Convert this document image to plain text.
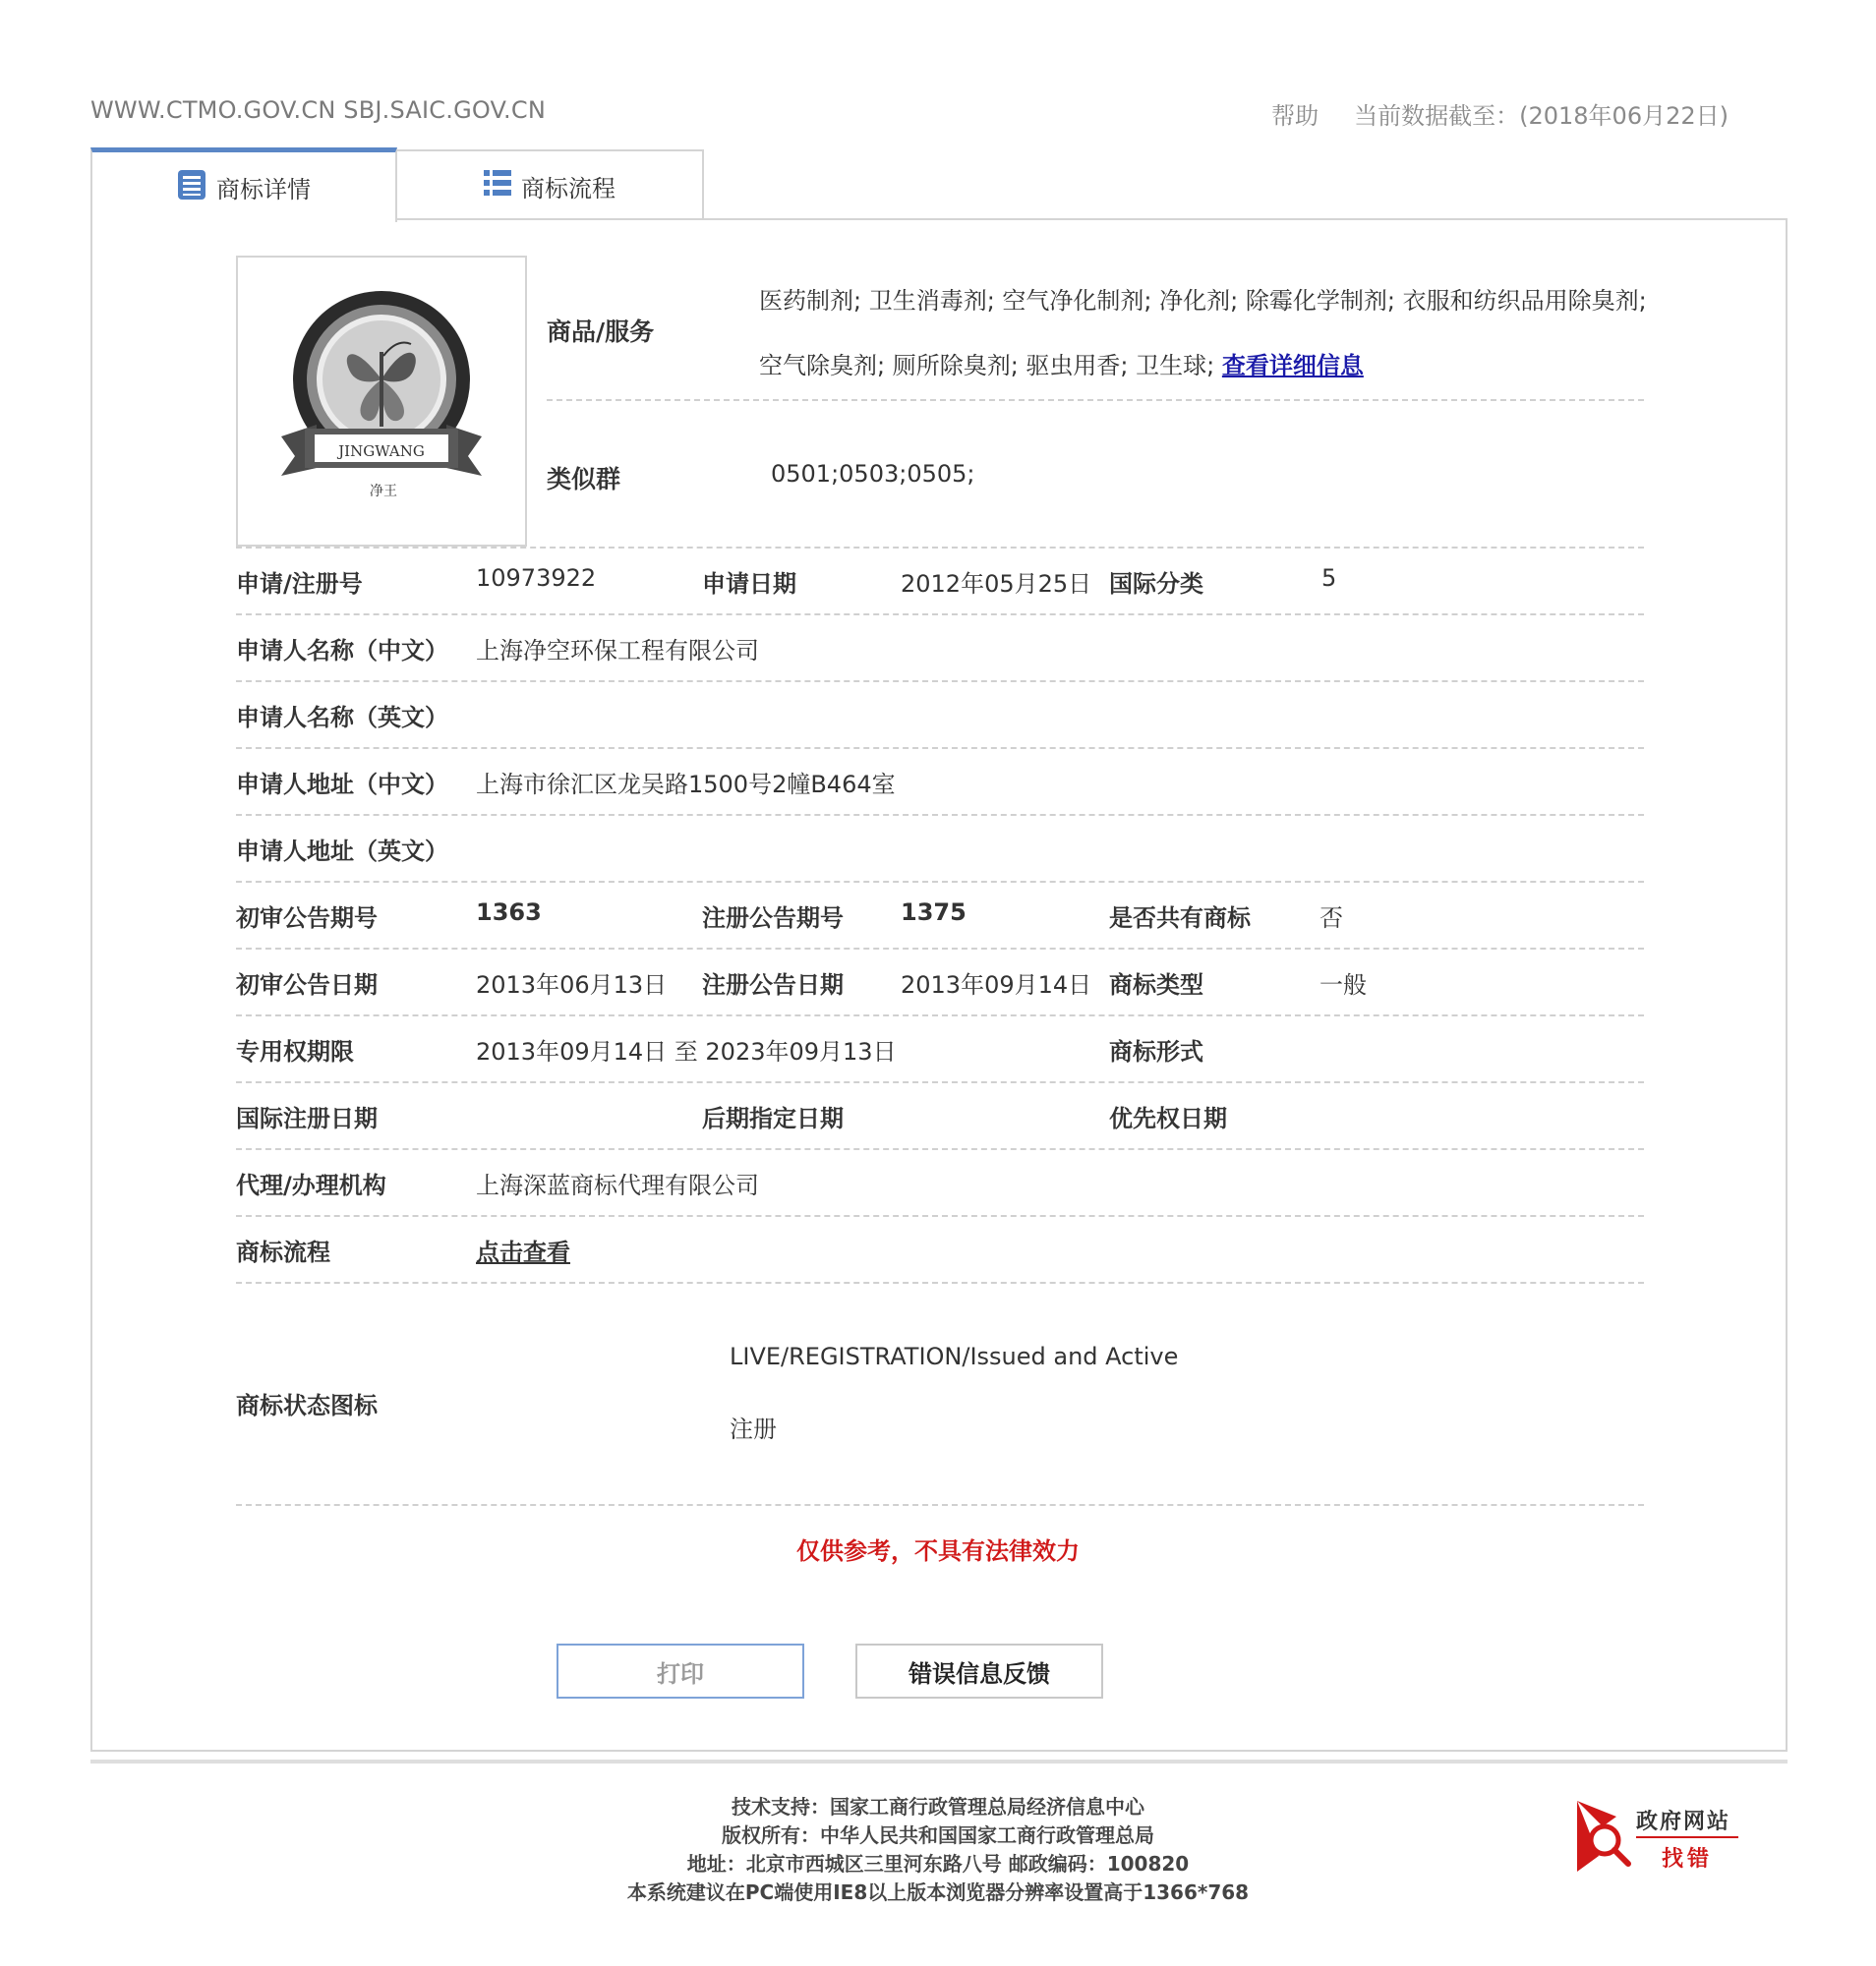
WWW.CTMO.GOV.CN SBJ.SAIC.GOV.CN	帮助 当前数据截至：(2018年06月22日)
商标详情	商标流程
JINGWANG
净王
商品/服务
医药制剂; 卫生消毒剂; 空气净化制剂; 净化剂; 除霉化学制剂; 衣服和纺织品用除臭剂;
空气除臭剂; 厕所除臭剂; 驱虫用香; 卫生球; 查看详细信息
类似群	0501;0503;0505;
申请/注册号	10973922	申请日期	2012年05月25日 国际分类	5
申请人名称（中文） 上海净空环保工程有限公司
申请人名称（英文）
申请人地址（中文） 上海市徐汇区龙吴路1500号2幢B464室
申请人地址（英文）
初审公告期号	1363	注册公告期号 1375	是否共有商标	否
初审公告日期	2013年06月13日 注册公告日期 2013年09月14日 商标类型	一般
专用权期限	2013年09月14日 至 2023年09月13日	商标形式
国际注册日期	后期指定日期	优先权日期
代理/办理机构	上海深蓝商标代理有限公司
商标流程	点击查看
商标状态图标
LIVE/REGISTRATION/Issued and Active
注册
仅供参考，不具有法律效力
打印	错误信息反馈
技术支持：国家工商行政管理总局经济信息中心
版权所有：中华人民共和国国家工商行政管理总局
地址：北京市西城区三里河东路八号 邮政编码：100820
本系统建议在PC端使用IE8以上版本浏览器分辨率设置高于1366*768
政府网站
找错
